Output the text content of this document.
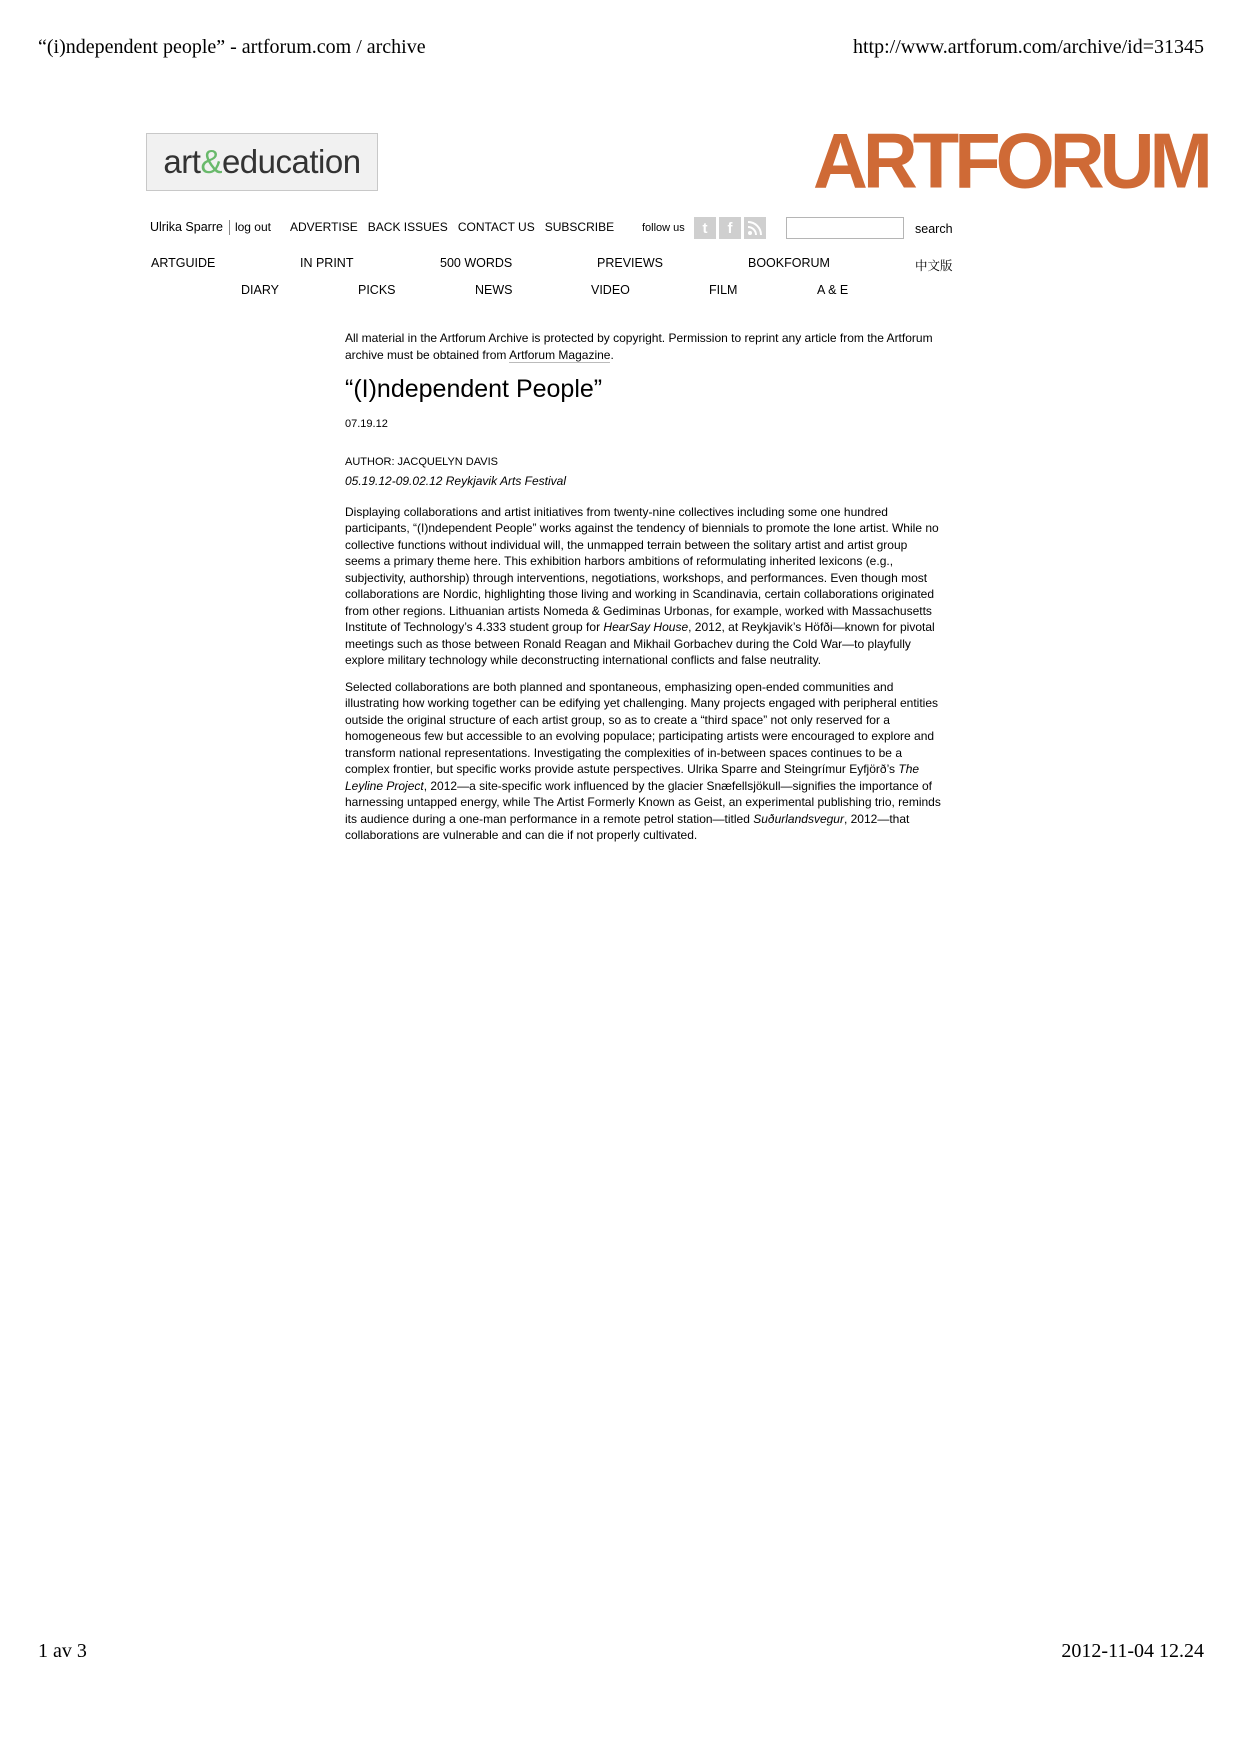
“(i)ndependent people” - artforum.com / archive	http://www.artforum.com/archive/id=31345
art & education	ARTFORUM
Ulrika Sparre log out ADVERTISE BACK ISSUES CONTACT US SUBSCRIBE	follow us	t	f	search
ARTGUIDE	IN PRINT	500 WORDS	PREVIEWS	BOOKFORUM	中文版
DIARY	PICKS	NEWS	VIDEO	FILM	A & E

All material in the Artforum Archive is protected by copyright. Permission to reprint any article from the Artforum archive must be obtained from Artforum Magazine.

“(I)ndependent People”
07.19.12
AUTHOR: JACQUELYN DAVIS
05.19.12-09.02.12 Reykjavik Arts Festival

Displaying collaborations and artist initiatives from twenty-nine collectives including some one hundred participants, “(I)ndependent People” works against the tendency of biennials to promote the lone artist. While no collective functions without individual will, the unmapped terrain between the solitary artist and artist group seems a primary theme here. This exhibition harbors ambitions of reformulating inherited lexicons (e.g., subjectivity, authorship) through interventions, negotiations, workshops, and performances. Even though most collaborations are Nordic, highlighting those living and working in Scandinavia, certain collaborations originated from other regions. Lithuanian artists Nomeda & Gediminas Urbonas, for example, worked with Massachusetts Institute of Technology’s 4.333 student group for HearSay House, 2012, at Reykjavik’s Höfði—known for pivotal meetings such as those between Ronald Reagan and Mikhail Gorbachev during the Cold War—to playfully explore military technology while deconstructing international conflicts and false neutrality.

Selected collaborations are both planned and spontaneous, emphasizing open-ended communities and illustrating how working together can be edifying yet challenging. Many projects engaged with peripheral entities outside the original structure of each artist group, so as to create a “third space” not only reserved for a homogeneous few but accessible to an evolving populace; participating artists were encouraged to explore and transform national representations. Investigating the complexities of in-between spaces continues to be a complex frontier, but specific works provide astute perspectives. Ulrika Sparre and Steingrímur Eyfjörð’s The Leyline Project, 2012—a site-specific work influenced by the glacier Snæfellsjökull—signifies the importance of harnessing untapped energy, while The Artist Formerly Known as Geist, an experimental publishing trio, reminds its audience during a one-man performance in a remote petrol station—titled Suðurlandsvegur, 2012—that collaborations are vulnerable and can die if not properly cultivated.

1 av 3	2012-11-04 12.24
